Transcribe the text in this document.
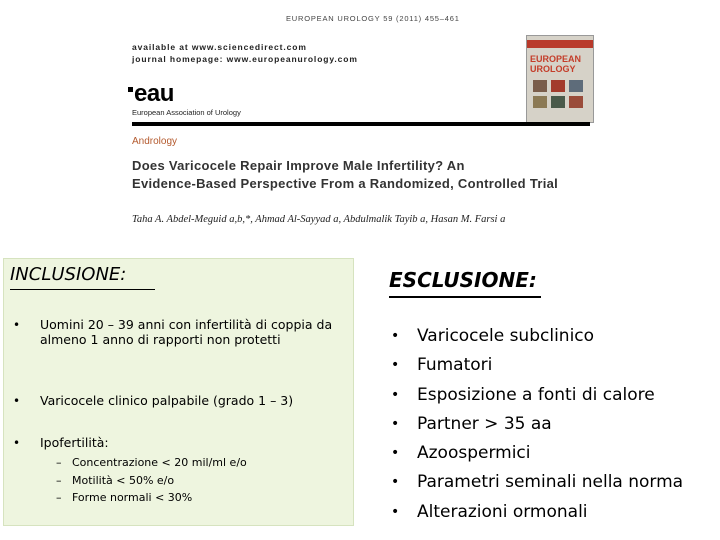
EUROPEAN UROLOGY 59 (2011) 455–461
available at www.sciencedirect.com
journal homepage: www.europeanurology.com
eau
European Association of Urology
EUROPEAN UROLOGY
Andrology
Does Varicocele Repair Improve Male Infertility? An
Evidence-Based Perspective From a Randomized, Controlled Trial
Taha A. Abdel-Meguid a,b,*, Ahmad Al-Sayyad a, Abdulmalik Tayib a, Hasan M. Farsi a
INCLUSIONE:
• Uomini 20 – 39 anni con infertilità di coppia da almeno 1 anno di rapporti non protetti
• Varicocele clinico palpabile (grado 1 – 3)
• Ipofertilità:
– Concentrazione < 20 mil/ml e/o
– Motilità < 50% e/o
– Forme normali < 30%
ESCLUSIONE:
• Varicocele subclinico
• Fumatori
• Esposizione a fonti di calore
• Partner > 35 aa
• Azoospermici
• Parametri seminali nella norma
• Alterazioni ormonali
